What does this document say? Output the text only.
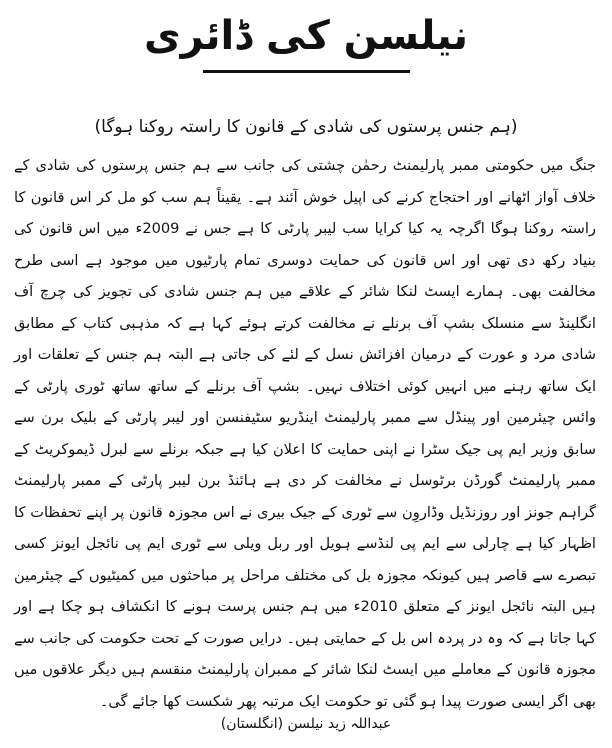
نیلسن کی ڈائری

(ہم جنس پرستوں کی شادی کے قانون کا راستہ روکنا ہوگا)

جنگ میں حکومتی ممبر پارلیمنٹ رحمٰن چشتی کی جانب سے ہم جنس پرستوں کی شادی کے خلاف آواز اٹھانے اور احتجاج کرنے کی اپیل خوش آئند ہے۔ یقیناً ہم سب کو مل کر اس قانون کا راستہ روکنا ہوگا اگرچہ یہ کیا کرایا سب لیبر پارٹی کا ہے جس نے 2009ء میں اس قانون کی بنیاد رکھ دی تھی اور اس قانون کی حمایت دوسری تمام پارٹیوں میں موجود ہے اسی طرح مخالفت بھی۔ ہمارے ایسٹ لنکا شائر کے علاقے میں ہم جنس شادی کی تجویز کی چرچ آف انگلینڈ سے منسلک بشپ آف برنلے نے مخالفت کرتے ہوئے کہا ہے کہ مذہبی کتاب کے مطابق شادی مرد و عورت کے درمیان افزائش نسل کے لئے کی جاتی ہے البتہ ہم جنس کے تعلقات اور ایک ساتھ رہنے میں انہیں کوئی اختلاف نہیں۔ بشپ آف برنلے کے ساتھ ساتھ ٹوری پارٹی کے وائس چیئرمین اور پینڈل سے ممبر پارلیمنٹ اینڈریو سٹیفنسن اور لیبر پارٹی کے بلیک برن سے سابق وزیر ایم پی جیک سٹرا نے اپنی حمایت کا اعلان کیا ہے جبکہ برنلے سے لبرل ڈیموکریٹ کے ممبر پارلیمنٹ گورڈن برٹوسل نے مخالفت کر دی ہے ہائنڈ برن لیبر پارٹی کے ممبر پارلیمنٹ گراہم جونز اور روزنڈیل وڈاروِن سے ٹوری کے جیک بیری نے اس مجوزہ قانون پر اپنے تحفظات کا اظہار کیا ہے چارلی سے ایم پی لنڈسے ہویل اور ربل ویلی سے ٹوری ایم پی نائجل ایونز کسی تبصرے سے قاصر ہیں کیونکہ مجوزہ بل کی مختلف مراحل پر مباحثوں میں کمیٹیوں کے چیئرمین ہیں البتہ نائجل ایونز کے متعلق 2010ء میں ہم جنس پرست ہونے کا انکشاف ہو چکا ہے اور کہا جاتا ہے کہ وہ در پردہ اس بل کے حمایتی ہیں۔ درایں صورت کے تحت حکومت کی جانب سے مجوزہ قانون کے معاملے میں ایسٹ لنکا شائر کے ممبران پارلیمنٹ منقسم ہیں دیگر علاقوں میں بھی اگر ایسی صورت پیدا ہو گئی تو حکومت ایک مرتبہ پھر شکست کھا جائے گی۔

عبداللہ زید نیلسن (انگلستان)
